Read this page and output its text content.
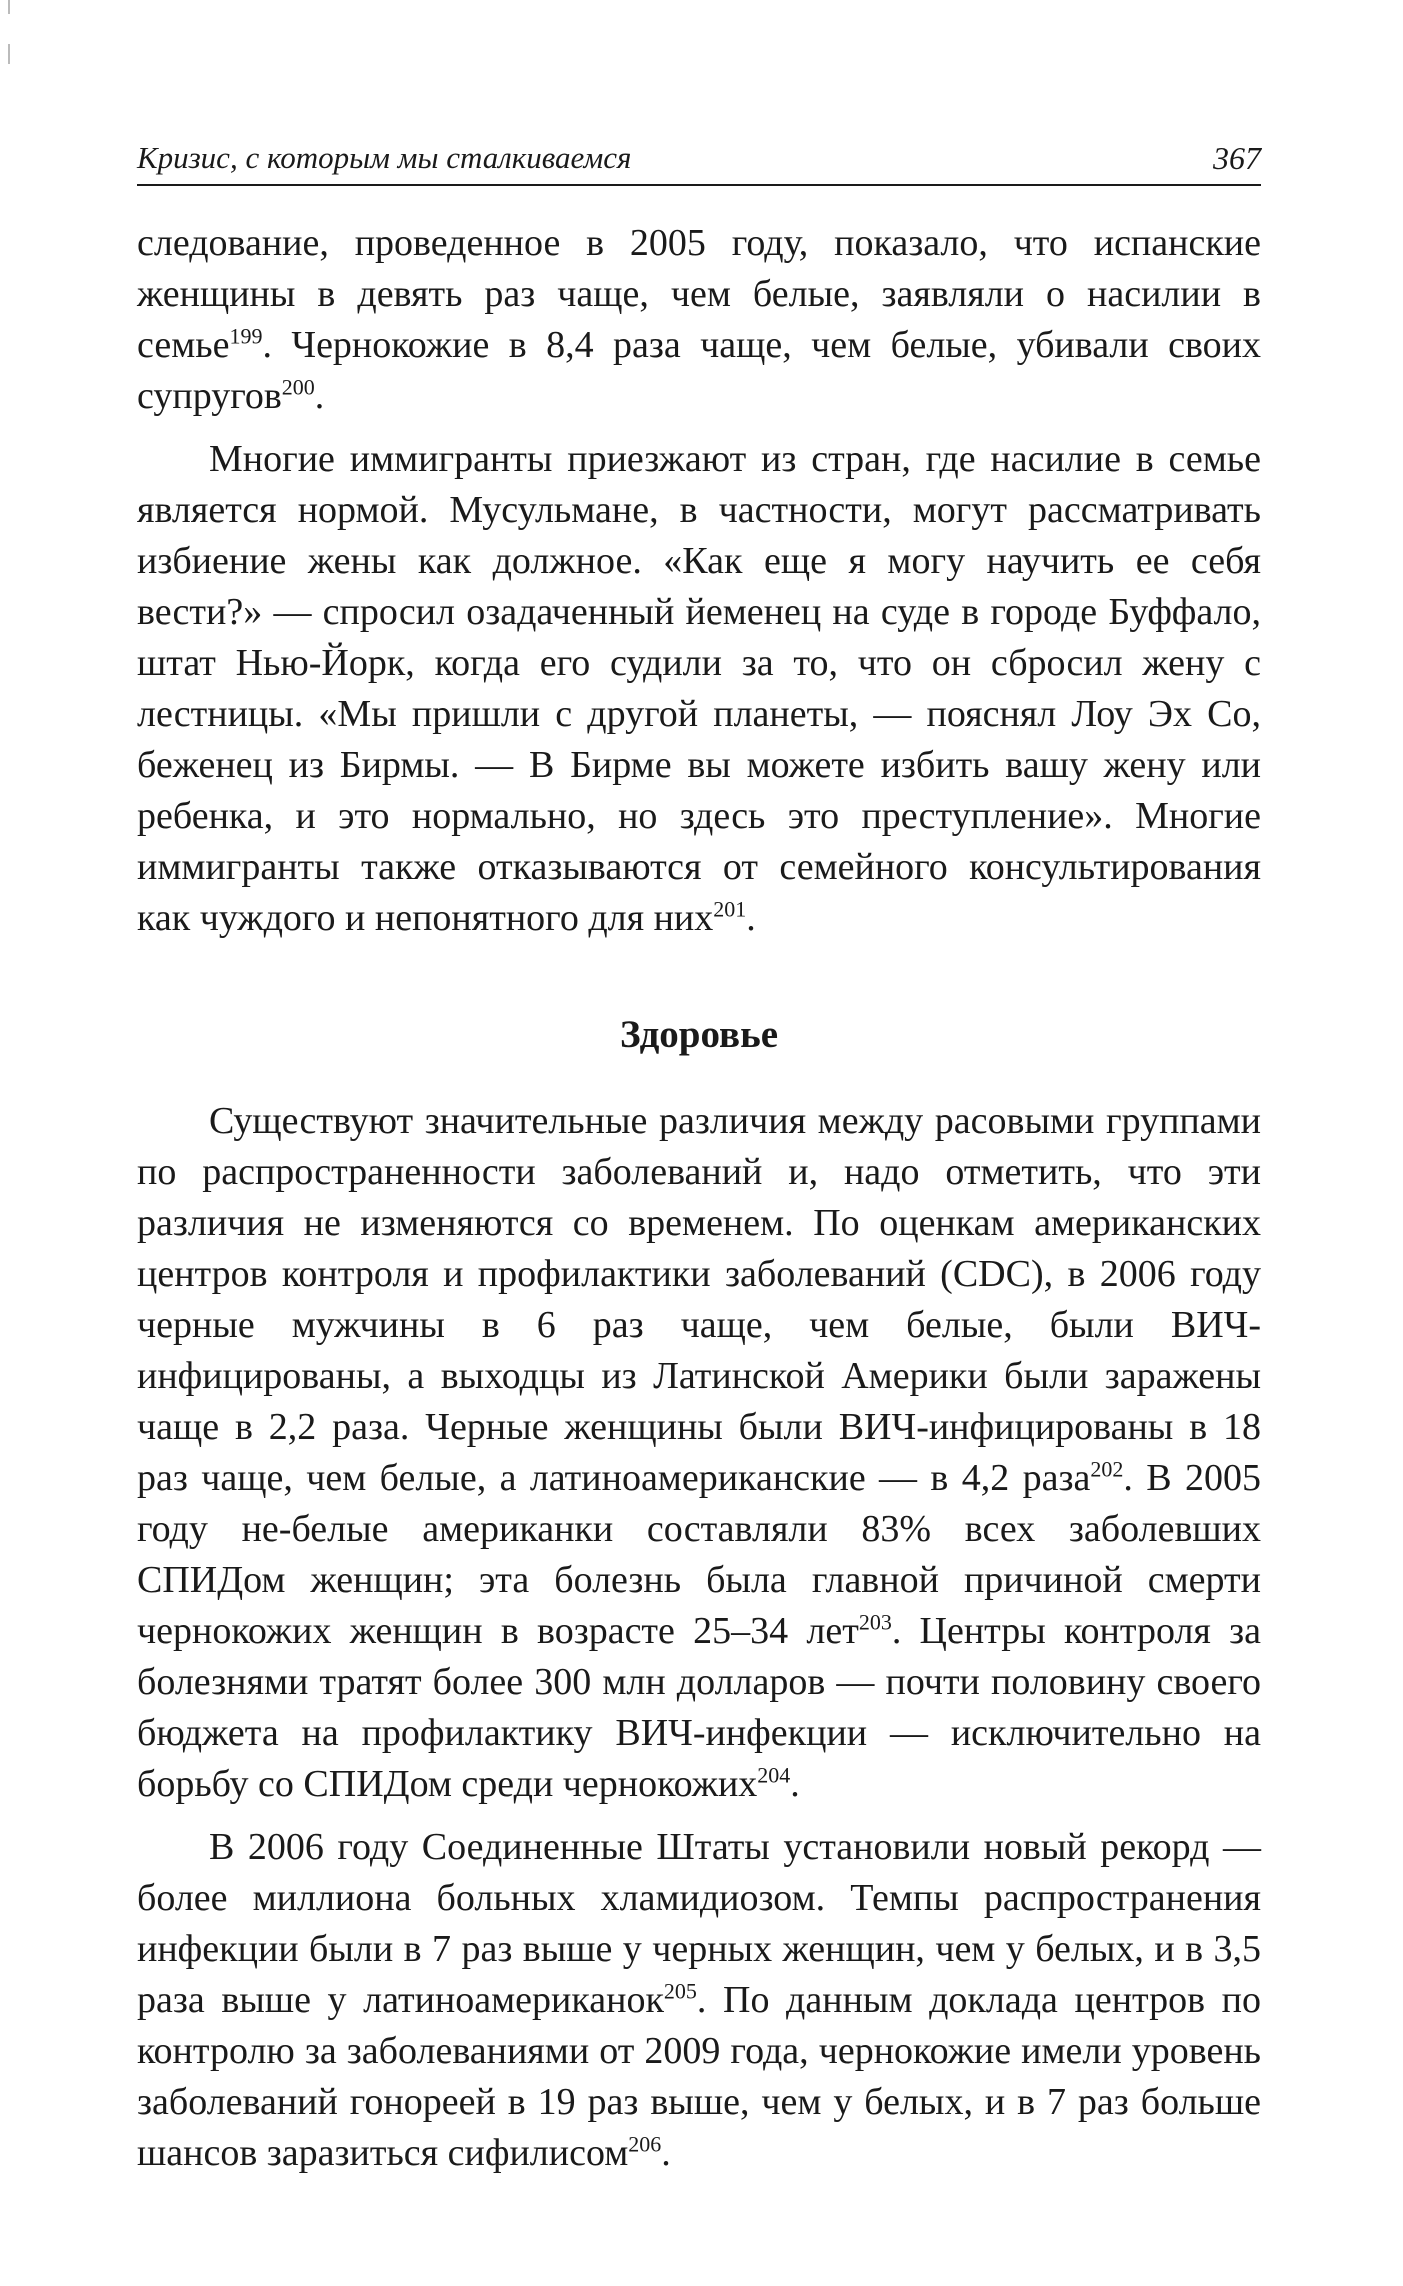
Кризис, с которым мы сталкиваемся	367

следование, проведенное в 2005 году, показало, что испанские женщины в девять раз чаще, чем белые, заявляли о насилии в семье$^{199}$. Чернокожие в 8,4 раза чаще, чем белые, убивали своих супругов$^{200}$.

Многие иммигранты приезжают из стран, где насилие в семье является нормой. Мусульмане, в частности, могут рассматривать избиение жены как должное. «Как еще я могу научить ее себя вести?» — спросил озадаченный йеменец на суде в городе Буффало, штат Нью-Йорк, когда его судили за то, что он сбросил жену с лестницы. «Мы пришли с другой планеты, — пояснял Лоу Эх Со, беженец из Бирмы. — В Бирме вы можете избить вашу жену или ребенка, и это нормально, но здесь это преступление». Многие иммигранты также отказываются от семейного консультирования как чуждого и непонятного для них$^{201}$.

Здоровье

Существуют значительные различия между расовыми группами по распространенности заболеваний и, надо отметить, что эти различия не изменяются со временем. По оценкам американских центров контроля и профилактики заболеваний (CDC), в 2006 году черные мужчины в 6 раз чаще, чем белые, были ВИЧ-инфицированы, а выходцы из Латинской Америки были заражены чаще в 2,2 раза. Черные женщины были ВИЧ-инфицированы в 18 раз чаще, чем белые, а латиноамериканские — в 4,2 раза$^{202}$. В 2005 году не-белые американки составляли 83% всех заболевших СПИДом женщин; эта болезнь была главной причиной смерти чернокожих женщин в возрасте 25–34 лет$^{203}$. Центры контроля за болезнями тратят более 300 млн долларов — почти половину своего бюджета на профилактику ВИЧ-инфекции — исключительно на борьбу со СПИДом среди чернокожих$^{204}$.

В 2006 году Соединенные Штаты установили новый рекорд — более миллиона больных хламидиозом. Темпы распространения инфекции были в 7 раз выше у черных женщин, чем у белых, и в 3,5 раза выше у латиноамериканок$^{205}$. По данным доклада центров по контролю за заболеваниями от 2009 года, чернокожие имели уровень заболеваний гонореей в 19 раз выше, чем у белых, и в 7 раз больше шансов заразиться сифилисом$^{206}$.
